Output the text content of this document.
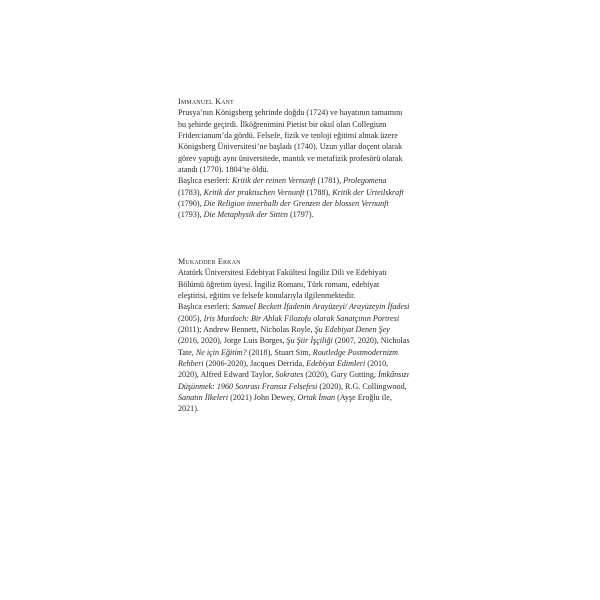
Immanuel Kant

Prusya’nın Königsberg şehrinde doğdu (1724) ve hayatının tamamını bu şehirde geçirdi. İlköğrenimini Pietist bir okul olan Collegium Fridercianum’da gördü. Felsefe, fizik ve teoloji eğitimi almak üzere Königsberg Üniversitesi’ne başladı (1740). Uzun yıllar doçent olarak görev yaptığı aynı üniversitede, mantık ve metafizik profesörü olarak atandı (1770). 1804’te öldü.

Başlıca eserleri: Kritik der reinen Vernunft (1781), Prolegomena (1783), Kritik der praktischen Vernunft (1788), Kritik der Urteilskraft (1790), Die Religion innerhalb der Grenzen der blossen Vernunft (1793), Die Metaphysik der Sitten (1797).

Mukadder Erkan

Atatürk Üniversitesi Edebiyat Fakültesi İngiliz Dili ve Edebiyatı Bölümü öğretim üyesi. İngiliz Romanı, Türk romanı, edebiyat eleştirisi, eğitim ve felsefe konularıyla ilgilenmektedir.

Başlıca eserleri: Samuel Beckett İfadenin Arayüzeyi/ Arayüzeyin İfadesi (2005), Iris Murdoch: Bir Ahlak Filozofu olarak Sanatçının Portresi (2011); Andrew Bennett, Nicholas Royle, Şu Edebiyat Denen Şey (2016, 2020), Jorge Luis Borges, Şu Şiir İşçiliği (2007, 2020), Nicholas Tate, Ne için Eğitim? (2018), Stuart Sim, Routledge Postmodernizm Rehberi (2006-2020), Jacques Derrida, Edebiyat Edimleri (2010, 2020), Alfred Edward Taylor, Sokrates (2020), Gary Gutting, İmkânsızı Düşünmek: 1960 Sonrası Fransız Felsefesi (2020), R.G. Collingwood, Sanatın İlkeleri (2021) John Dewey, Ortak İman (Ayşe Eroğlu ile, 2021).
